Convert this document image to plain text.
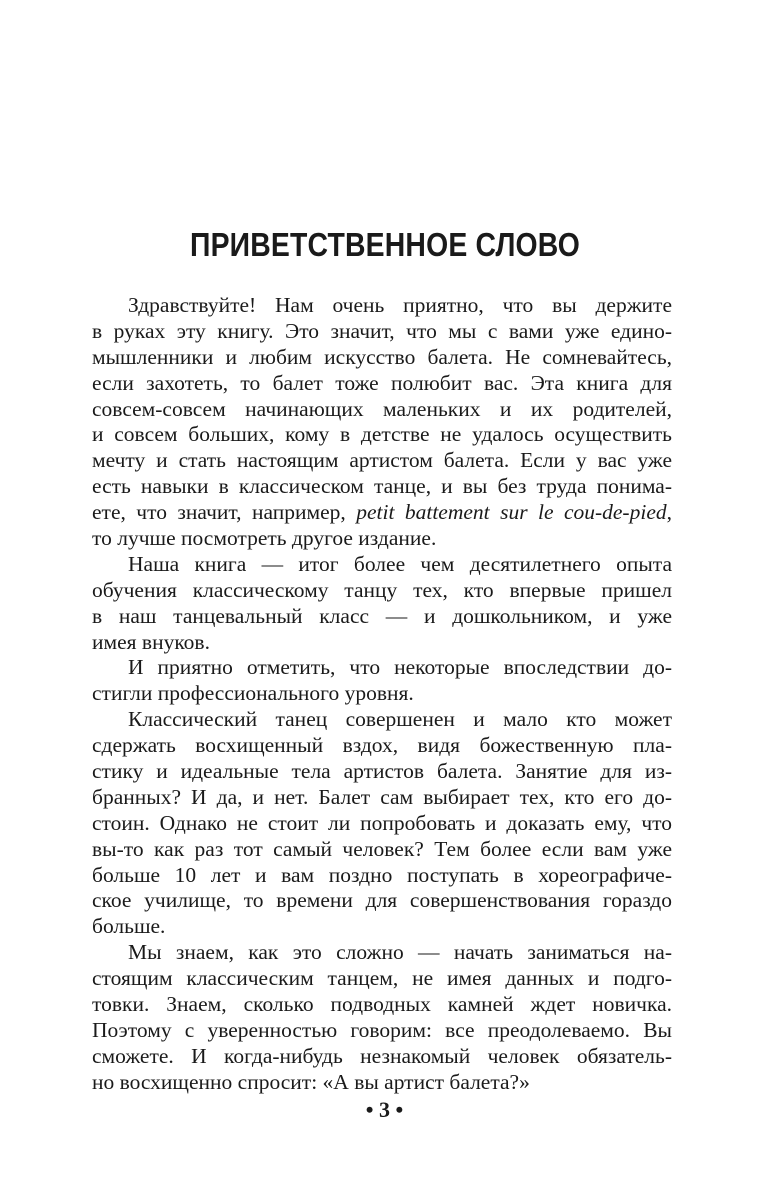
ПРИВЕТСТВЕННОЕ СЛОВО

Здравствуйте! Нам очень приятно, что вы держите
в руках эту книгу. Это значит, что мы с вами уже едино-
мышленники и любим искусство балета. Не сомневайтесь,
если захотеть, то балет тоже полюбит вас. Эта книга для
совсем-совсем начинающих маленьких и их родителей,
и совсем больших, кому в детстве не удалось осуществить
мечту и стать настоящим артистом балета. Если у вас уже
есть навыки в классическом танце, и вы без труда понима-
ете, что значит, например, petit battement sur le cou-de-pied,
то лучше посмотреть другое издание.

Наша книга — итог более чем десятилетнего опыта
обучения классическому танцу тех, кто впервые пришел
в наш танцевальный класс — и дошкольником, и уже
имея внуков.

И приятно отметить, что некоторые впоследствии до-
стигли профессионального уровня.

Классический танец совершенен и мало кто может
сдержать восхищенный вздох, видя божественную пла-
стику и идеальные тела артистов балета. Занятие для из-
бранных? И да, и нет. Балет сам выбирает тех, кто его до-
стоин. Однако не стоит ли попробовать и доказать ему, что
вы-то как раз тот самый человек? Тем более если вам уже
больше 10 лет и вам поздно поступать в хореографиче-
ское училище, то времени для совершенствования гораздо
больше.

Мы знаем, как это сложно — начать заниматься на-
стоящим классическим танцем, не имея данных и подго-
товки. Знаем, сколько подводных камней ждет новичка.
Поэтому с уверенностью говорим: все преодолеваемо. Вы
сможете. И когда-нибудь незнакомый человек обязатель-
но восхищенно спросит: «А вы артист балета?»

• 3 •
